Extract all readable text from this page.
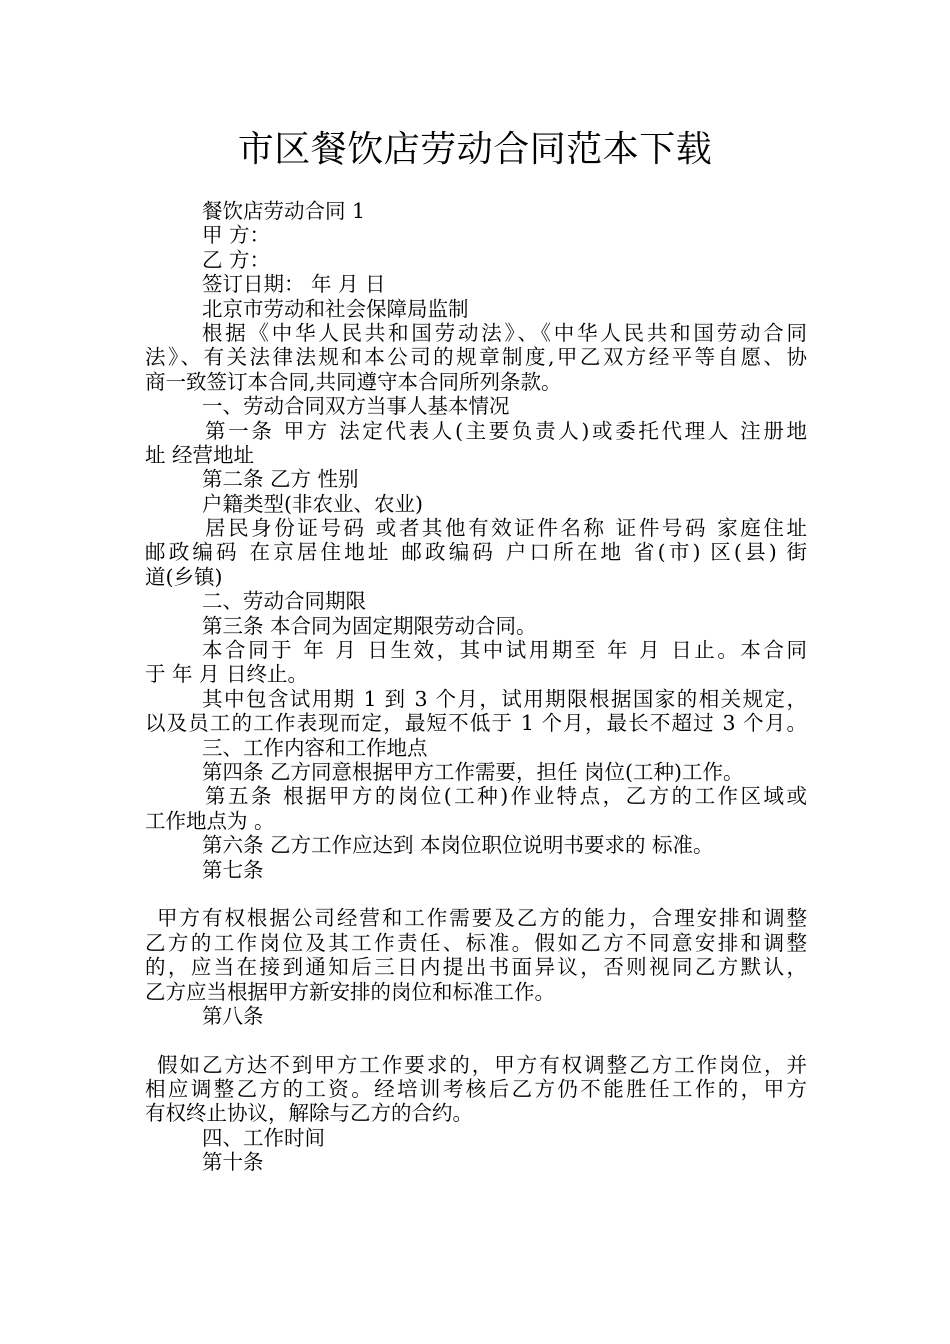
市区餐饮店劳动合同范本下载
餐饮店劳动合同 1
甲 方：
乙 方：
签订日期： 年 月 日
北京市劳动和社会保障局监制
根据《中华人民共和国劳动法》、《中华人民共和国劳动合同
法》、有关法律法规和本公司的规章制度,甲乙双方经平等自愿、协
商一致签订本合同,共同遵守本合同所列条款。
一、劳动合同双方当事人基本情况
第一条 甲方 法定代表人(主要负责人)或委托代理人 注册地
址 经营地址
第二条 乙方 性别
户籍类型(非农业、农业)
居民身份证号码 或者其他有效证件名称 证件号码 家庭住址
邮政编码 在京居住地址 邮政编码 户口所在地 省(市) 区(县) 街
道(乡镇)
二、劳动合同期限
第三条 本合同为固定期限劳动合同。
本合同于 年 月 日生效，其中试用期至 年 月 日止。本合同
于 年 月 日终止。
其中包含试用期 1 到 3 个月，试用期限根据国家的相关规定，
以及员工的工作表现而定，最短不低于 1 个月，最长不超过 3 个月。
三、工作内容和工作地点
第四条 乙方同意根据甲方工作需要，担任 岗位(工种)工作。
第五条 根据甲方的岗位(工种)作业特点，乙方的工作区域或
工作地点为 。
第六条 乙方工作应达到 本岗位职位说明书要求的 标准。
第七条
甲方有权根据公司经营和工作需要及乙方的能力，合理安排和调整
乙方的工作岗位及其工作责任、标准。假如乙方不同意安排和调整
的，应当在接到通知后三日内提出书面异议，否则视同乙方默认，
乙方应当根据甲方新安排的岗位和标准工作。
第八条
假如乙方达不到甲方工作要求的，甲方有权调整乙方工作岗位，并
相应调整乙方的工资。经培训考核后乙方仍不能胜任工作的，甲方
有权终止协议，解除与乙方的合约。
四、工作时间
第十条
